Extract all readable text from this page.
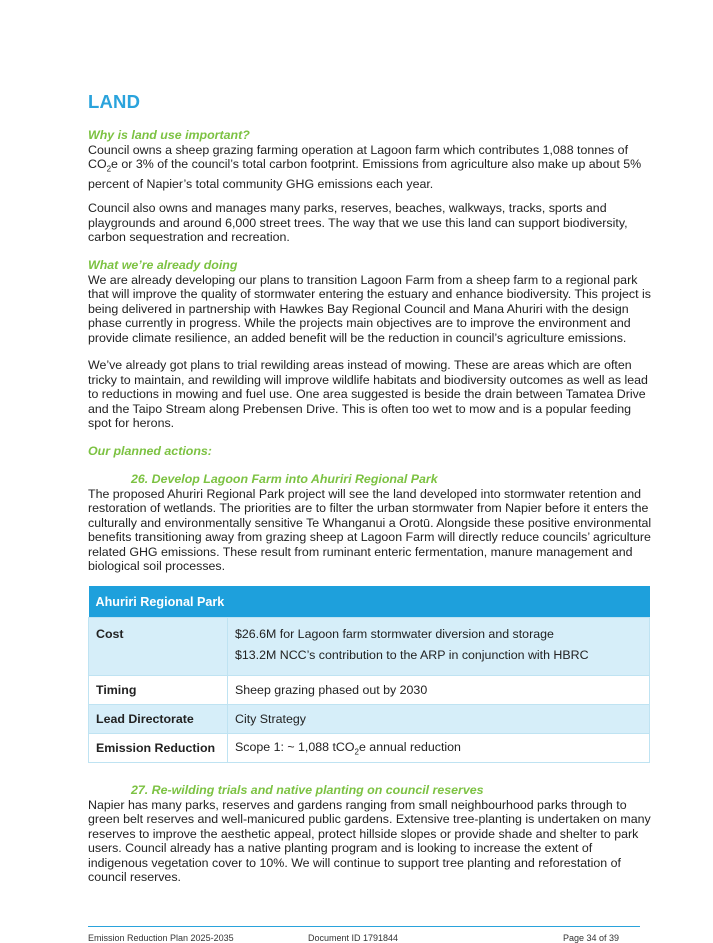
LAND

Why is land use important?

Council owns a sheep grazing farming operation at Lagoon farm which contributes 1,088 tonnes of
$CO_2e$ or 3% of the council’s total carbon footprint. Emissions from agriculture also make up about 5%
percent of Napier’s total community GHG emissions each year.

Council also owns and manages many parks, reserves, beaches, walkways, tracks, sports and playgrounds and around 6,000 street trees. The way that we use this land can support biodiversity, carbon sequestration and recreation.

What we’re already doing

We are already developing our plans to transition Lagoon Farm from a sheep farm to a regional park that will improve the quality of stormwater entering the estuary and enhance biodiversity. This project is being delivered in partnership with Hawkes Bay Regional Council and Mana Ahuriri with the design phase currently in progress. While the projects main objectives are to improve the environment and provide climate resilience, an added benefit will be the reduction in council’s agriculture emissions.

We’ve already got plans to trial rewilding areas instead of mowing. These are areas which are often tricky to maintain, and rewilding will improve wildlife habitats and biodiversity outcomes as well as lead to reductions in mowing and fuel use. One area suggested is beside the drain between Tamatea Drive and the Taipo Stream along Prebensen Drive. This is often too wet to mow and is a popular feeding spot for herons.

Our planned actions:

26. Develop Lagoon Farm into Ahuriri Regional Park

The proposed Ahuriri Regional Park project will see the land developed into stormwater retention and restoration of wetlands. The priorities are to filter the urban stormwater from Napier before it enters the culturally and environmentally sensitive Te Whanganui a Orotū. Alongside these positive environmental benefits transitioning away from grazing sheep at Lagoon Farm will directly reduce councils’ agriculture related GHG emissions. These result from ruminant enteric fermentation, manure management and biological soil processes.

Ahuriri Regional Park	
Cost	$26.6M for Lagoon farm stormwater diversion and storage
$13.2M NCC’s contribution to the ARP in conjunction with HBRC

Timing	Sheep grazing phased out by 2030
Lead Directorate	City Strategy
Emission Reduction	Scope 1: ~ 1,088 tCO$_2$e annual reduction

27. Re-wilding trials and native planting on council reserves

Napier has many parks, reserves and gardens ranging from small neighbourhood parks through to green belt reserves and well-manicured public gardens. Extensive tree-planting is undertaken on many reserves to improve the aesthetic appeal, protect hillside slopes or provide shade and shelter to park users. Council already has a native planting program and is looking to increase the extent of indigenous vegetation cover to 10%. We will continue to support tree planting and reforestation of council reserves.

Emission Reduction Plan 2025-2035	Document ID 1791844	Page 34 of 39
